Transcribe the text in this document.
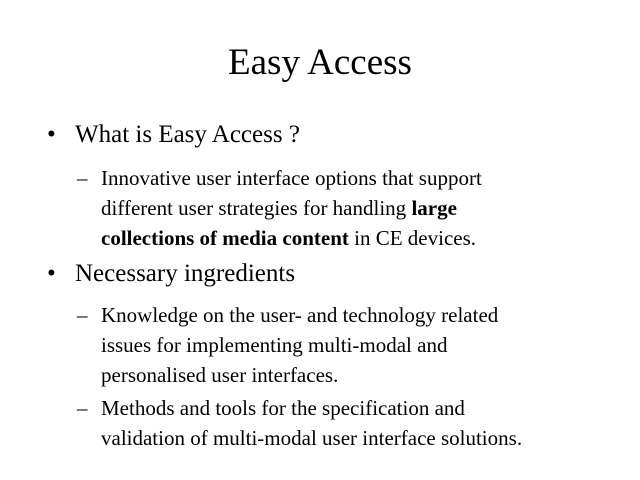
Easy Access
• What is Easy Access ?
– Innovative user interface options that support
different user strategies for handling large
collections of media content in CE devices.
• Necessary ingredients
– Knowledge on the user- and technology related
issues for implementing multi-modal and
personalised user interfaces.
– Methods and tools for the specification and
validation of multi-modal user interface solutions.
